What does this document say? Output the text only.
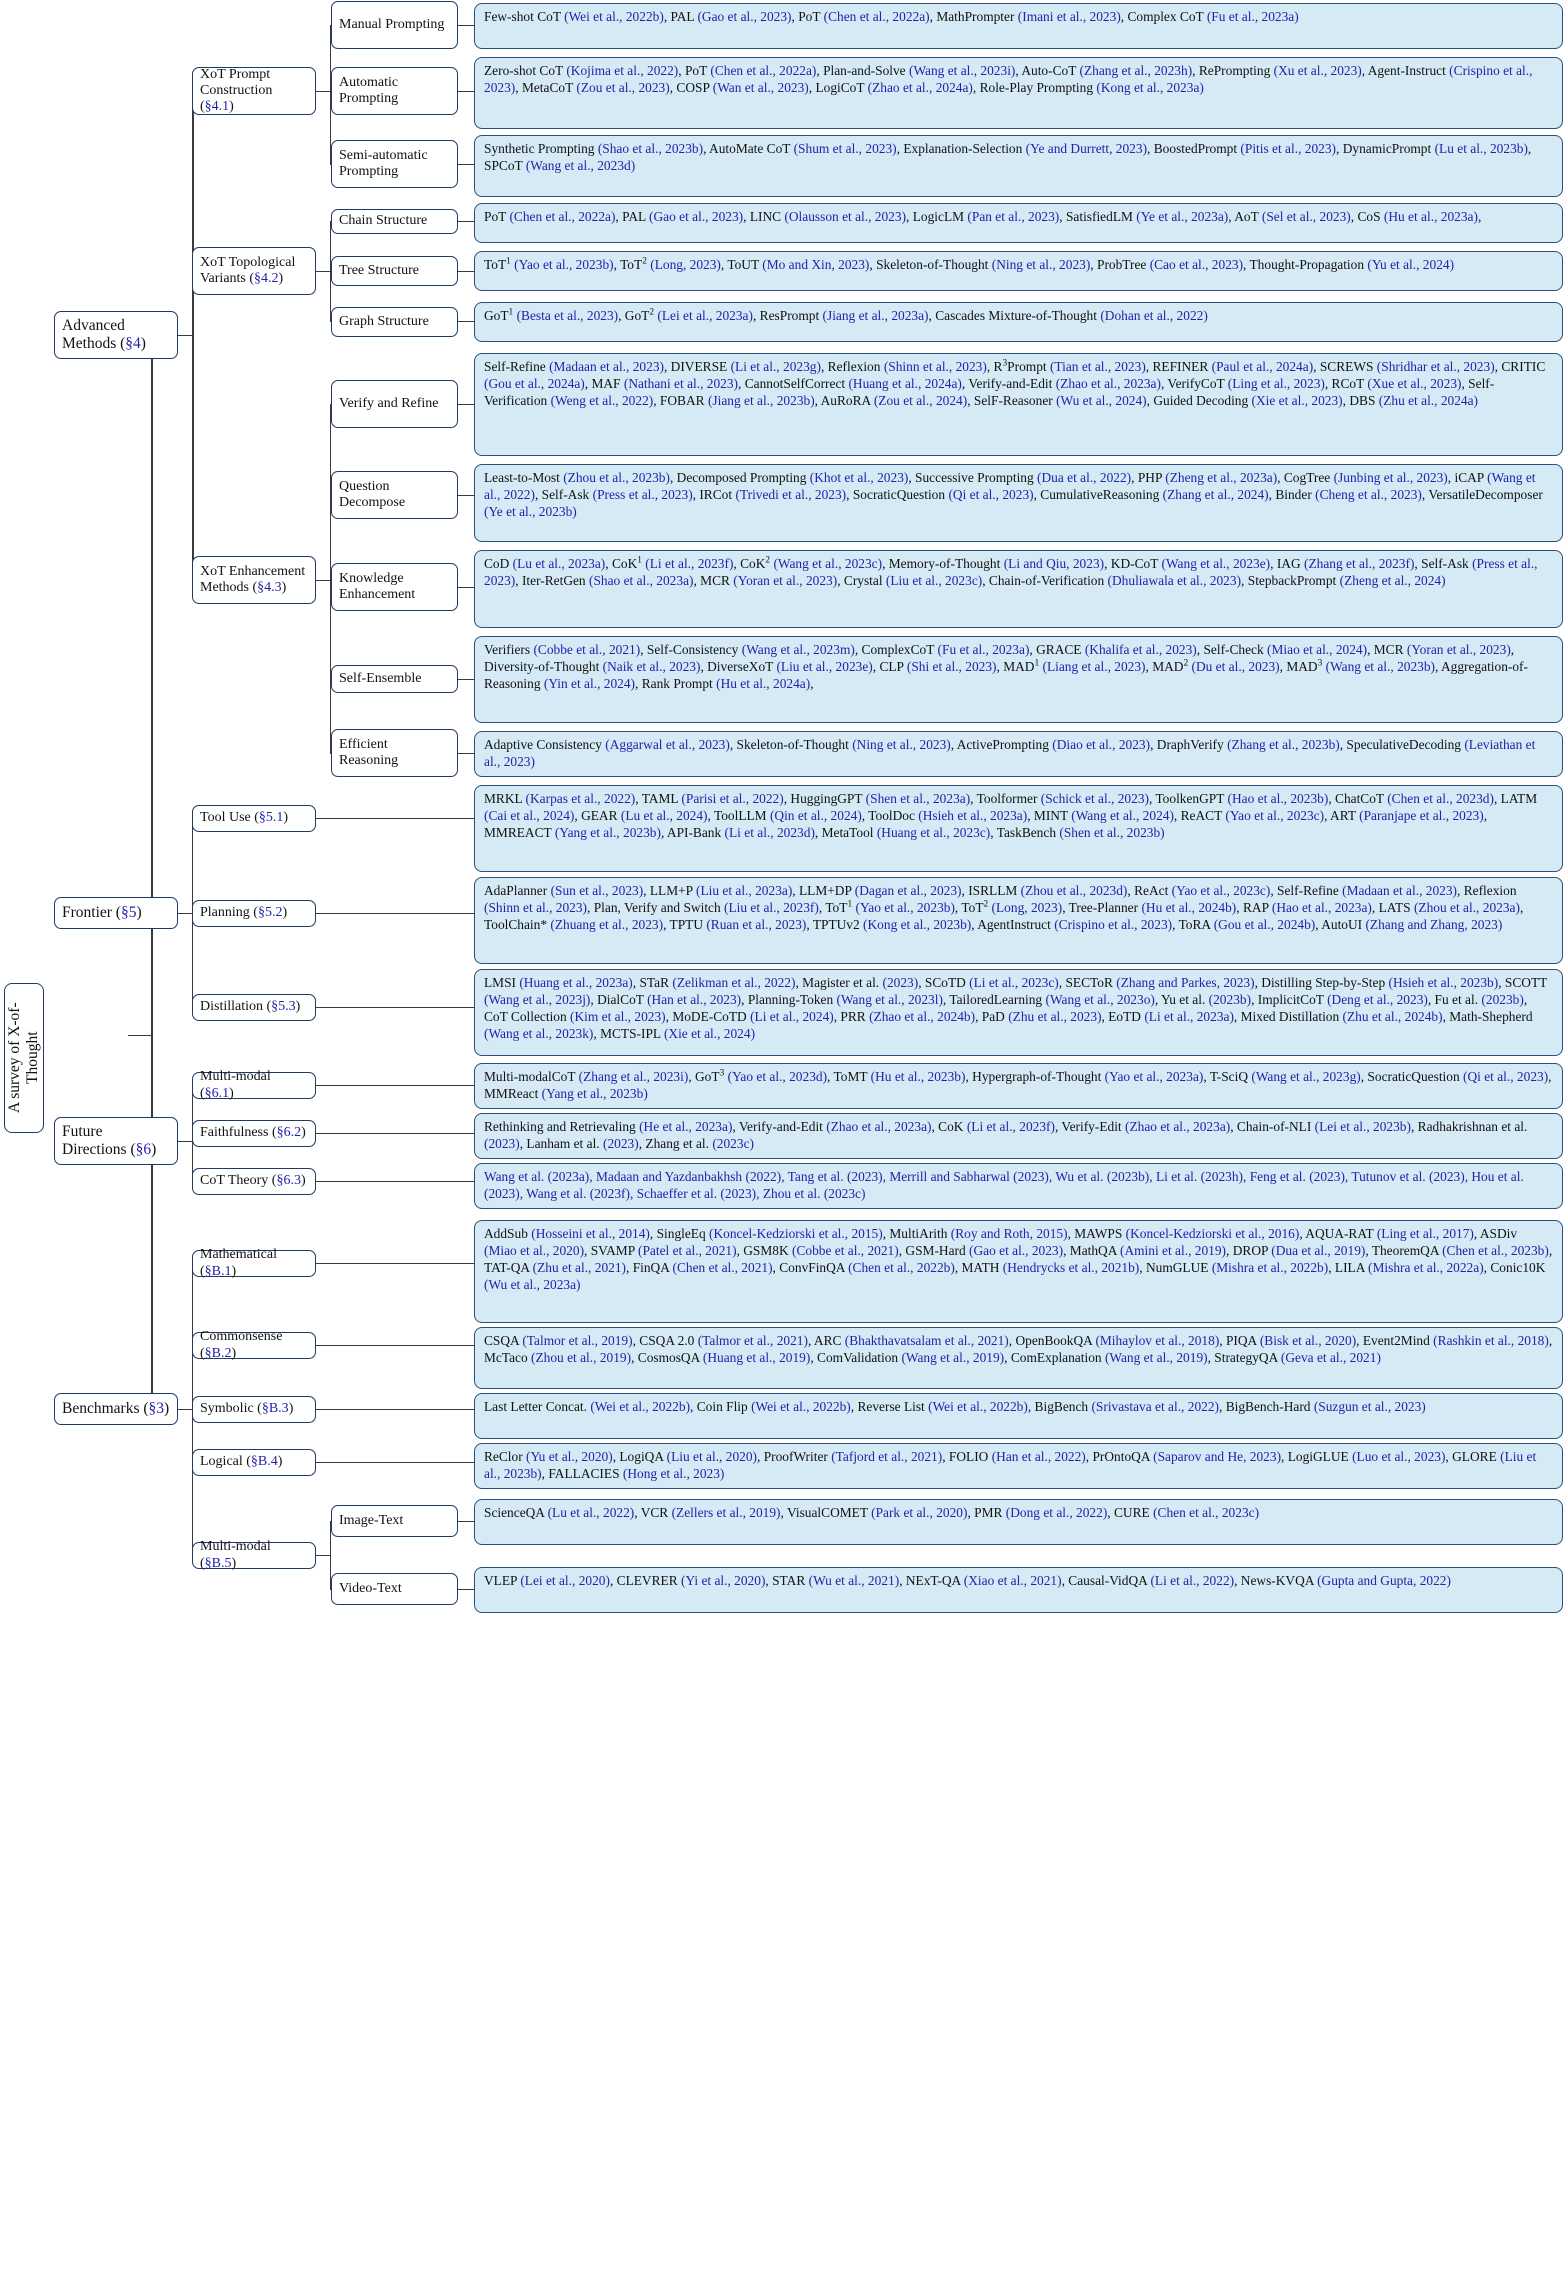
A survey of X-of-Thought
Advanced Methods (§4)
Frontier (§5)
Future Directions (§6)
Benchmarks (§3)
XoT Prompt Construction (§4.1)
XoT Topological Variants (§4.2)
XoT Enhancement Methods (§4.3)
Manual Prompting
Automatic Prompting
Semi-automatic Prompting
Chain Structure
Tree Structure
Graph Structure
Verify and Refine
Question Decompose
Knowledge Enhancement
Self-Ensemble
Efficient Reasoning
Tool Use (§5.1)
Planning (§5.2)
Distillation (§5.3)
Multi-modal (§6.1)
Faithfulness (§6.2)
CoT Theory (§6.3)
Mathematical (§B.1)
Commonsense (§B.2)
Symbolic (§B.3)
Logical (§B.4)
Multi-modal (§B.5)
Image-Text
Video-Text
Few-shot CoT (Wei et al., 2022b), PAL (Gao et al., 2023), PoT (Chen et al., 2022a), MathPrompter (Imani et al., 2023), Complex CoT (Fu et al., 2023a)
Zero-shot CoT (Kojima et al., 2022), PoT (Chen et al., 2022a), Plan-and-Solve (Wang et al., 2023i), Auto-CoT (Zhang et al., 2023h), RePrompting (Xu et al., 2023), Agent-Instruct (Crispino et al., 2023), MetaCoT (Zou et al., 2023), COSP (Wan et al., 2023), LogiCoT (Zhao et al., 2024a), Role-Play Prompting (Kong et al., 2023a)
Synthetic Prompting (Shao et al., 2023b), AutoMate CoT (Shum et al., 2023), Explanation-Selection (Ye and Durrett, 2023), BoostedPrompt (Pitis et al., 2023), DynamicPrompt (Lu et al., 2023b), SPCoT (Wang et al., 2023d)
PoT (Chen et al., 2022a), PAL (Gao et al., 2023), LINC (Olausson et al., 2023), LogicLM (Pan et al., 2023), SatisfiedLM (Ye et al., 2023a), AoT (Sel et al., 2023), CoS (Hu et al., 2023a),
ToT$^1$ (Yao et al., 2023b), ToT$^2$ (Long, 2023), ToUT (Mo and Xin, 2023), Skeleton-of-Thought (Ning et al., 2023), ProbTree (Cao et al., 2023), Thought-Propagation (Yu et al., 2024)
GoT$^1$ (Besta et al., 2023), GoT$^2$ (Lei et al., 2023a), ResPrompt (Jiang et al., 2023a), Cascades Mixture-of-Thought (Dohan et al., 2022)
Self-Refine (Madaan et al., 2023), DIVERSE (Li et al., 2023g), Reflexion (Shinn et al., 2023), $R^3Prompt$ (Tian et al., 2023), REFINER (Paul et al., 2024a), SCREWS (Shridhar et al., 2023), CRITIC (Gou et al., 2024a), MAF (Nathani et al., 2023), CannotSelfCorrect (Huang et al., 2024a), Verify-and-Edit (Zhao et al., 2023a), VerifyCoT (Ling et al., 2023), RCoT (Xue et al., 2023), Self-Verification (Weng et al., 2022), FOBAR (Jiang et al., 2023b), AuRoRA (Zou et al., 2024), SelF-Reasoner (Wu et al., 2024), Guided Decoding (Xie et al., 2023), DBS (Zhu et al., 2024a)
Least-to-Most (Zhou et al., 2023b), Decomposed Prompting (Khot et al., 2023), Successive Prompting (Dua et al., 2022), PHP (Zheng et al., 2023a), CogTree (Junbing et al., 2023), iCAP (Wang et al., 2022), Self-Ask (Press et al., 2023), IRCot (Trivedi et al., 2023), SocraticQuestion (Qi et al., 2023), CumulativeReasoning (Zhang et al., 2024), Binder (Cheng et al., 2023), VersatileDecomposer (Ye et al., 2023b)
CoD (Lu et al., 2023a), CoK$^1$ (Li et al., 2023f), CoK$^2$ (Wang et al., 2023c), Memory-of-Thought (Li and Qiu, 2023), KD-CoT (Wang et al., 2023e), IAG (Zhang et al., 2023f), Self-Ask (Press et al., 2023), Iter-RetGen (Shao et al., 2023a), MCR (Yoran et al., 2023), Crystal (Liu et al., 2023c), Chain-of-Verification (Dhuliawala et al., 2023), StepbackPrompt (Zheng et al., 2024)
Verifiers (Cobbe et al., 2021), Self-Consistency (Wang et al., 2023m), ComplexCoT (Fu et al., 2023a), GRACE (Khalifa et al., 2023), Self-Check (Miao et al., 2024), MCR (Yoran et al., 2023), Diversity-of-Thought (Naik et al., 2023), DiverseXoT (Liu et al., 2023e), CLP (Shi et al., 2023), MAD$^1$ (Liang et al., 2023), MAD$^2$ (Du et al., 2023), MAD$^3$ (Wang et al., 2023b), Aggregation-of-Reasoning (Yin et al., 2024), Rank Prompt (Hu et al., 2024a),
Adaptive Consistency (Aggarwal et al., 2023), Skeleton-of-Thought (Ning et al., 2023), ActivePrompting (Diao et al., 2023), DraphVerify (Zhang et al., 2023b), SpeculativeDecoding (Leviathan et al., 2023)
MRKL (Karpas et al., 2022), TAML (Parisi et al., 2022), HuggingGPT (Shen et al., 2023a), Toolformer (Schick et al., 2023), ToolkenGPT (Hao et al., 2023b), ChatCoT (Chen et al., 2023d), LATM (Cai et al., 2024), GEAR (Lu et al., 2024), ToolLLM (Qin et al., 2024), ToolDoc (Hsieh et al., 2023a), MINT (Wang et al., 2024), ReACT (Yao et al., 2023c), ART (Paranjape et al., 2023), MMREACT (Yang et al., 2023b), API-Bank (Li et al., 2023d), MetaTool (Huang et al., 2023c), TaskBench (Shen et al., 2023b)
AdaPlanner (Sun et al., 2023), LLM+P (Liu et al., 2023a), LLM+DP (Dagan et al., 2023), ISRLLM (Zhou et al., 2023d), ReAct (Yao et al., 2023c), Self-Refine (Madaan et al., 2023), Reflexion (Shinn et al., 2023), Plan, Verify and Switch (Liu et al., 2023f), ToT$^1$ (Yao et al., 2023b), ToT$^2$ (Long, 2023), Tree-Planner (Hu et al., 2024b), RAP (Hao et al., 2023a), LATS (Zhou et al., 2023a), ToolChain* (Zhuang et al., 2023), TPTU (Ruan et al., 2023), TPTUv2 (Kong et al., 2023b), AgentInstruct (Crispino et al., 2023), ToRA (Gou et al., 2024b), AutoUI (Zhang and Zhang, 2023)
LMSI (Huang et al., 2023a), STaR (Zelikman et al., 2022), Magister et al. (2023), SCoTD (Li et al., 2023c), SECToR (Zhang and Parkes, 2023), Distilling Step-by-Step (Hsieh et al., 2023b), SCOTT (Wang et al., 2023j), DialCoT (Han et al., 2023), Planning-Token (Wang et al., 2023l), TailoredLearning (Wang et al., 2023o), Yu et al. (2023b), ImplicitCoT (Deng et al., 2023), Fu et al. (2023b), CoT Collection (Kim et al., 2023), MoDE-CoTD (Li et al., 2024), PRR (Zhao et al., 2024b), PaD (Zhu et al., 2023), EoTD (Li et al., 2023a), Mixed Distillation (Zhu et al., 2024b), Math-Shepherd (Wang et al., 2023k), MCTS-IPL (Xie et al., 2024)
Multi-modalCoT (Zhang et al., 2023i), GoT$^3$ (Yao et al., 2023d), ToMT (Hu et al., 2023b), Hypergraph-of-Thought (Yao et al., 2023a), T-SciQ (Wang et al., 2023g), SocraticQuestion (Qi et al., 2023), MMReact (Yang et al., 2023b)
Rethinking and Retrievaling (He et al., 2023a), Verify-and-Edit (Zhao et al., 2023a), CoK (Li et al., 2023f), Verify-Edit (Zhao et al., 2023a), Chain-of-NLI (Lei et al., 2023b), Radhakrishnan et al. (2023), Lanham et al. (2023), Zhang et al. (2023c)
Wang et al. (2023a), Madaan and Yazdanbakhsh (2022), Tang et al. (2023), Merrill and Sabharwal (2023), Wu et al. (2023b), Li et al. (2023h), Feng et al. (2023), Tutunov et al. (2023), Hou et al. (2023), Wang et al. (2023f), Schaeffer et al. (2023), Zhou et al. (2023c)
AddSub (Hosseini et al., 2014), SingleEq (Koncel-Kedziorski et al., 2015), MultiArith (Roy and Roth, 2015), MAWPS (Koncel-Kedziorski et al., 2016), AQUA-RAT (Ling et al., 2017), ASDiv (Miao et al., 2020), SVAMP (Patel et al., 2021), GSM8K (Cobbe et al., 2021), GSM-Hard (Gao et al., 2023), MathQA (Amini et al., 2019), DROP (Dua et al., 2019), TheoremQA (Chen et al., 2023b), TAT-QA (Zhu et al., 2021), FinQA (Chen et al., 2021), ConvFinQA (Chen et al., 2022b), MATH (Hendrycks et al., 2021b), NumGLUE (Mishra et al., 2022b), LILA (Mishra et al., 2022a), Conic10K (Wu et al., 2023a)
CSQA (Talmor et al., 2019), CSQA 2.0 (Talmor et al., 2021), ARC (Bhakthavatsalam et al., 2021), OpenBookQA (Mihaylov et al., 2018), PIQA (Bisk et al., 2020), Event2Mind (Rashkin et al., 2018), McTaco (Zhou et al., 2019), CosmosQA (Huang et al., 2019), ComValidation (Wang et al., 2019), ComExplanation (Wang et al., 2019), StrategyQA (Geva et al., 2021)
Last Letter Concat. (Wei et al., 2022b), Coin Flip (Wei et al., 2022b), Reverse List (Wei et al., 2022b), BigBench (Srivastava et al., 2022), BigBench-Hard (Suzgun et al., 2023)
ReClor (Yu et al., 2020), LogiQA (Liu et al., 2020), ProofWriter (Tafjord et al., 2021), FOLIO (Han et al., 2022), PrOntoQA (Saparov and He, 2023), LogiGLUE (Luo et al., 2023), GLORE (Liu et al., 2023b), FALLACIES (Hong et al., 2023)
ScienceQA (Lu et al., 2022), VCR (Zellers et al., 2019), VisualCOMET (Park et al., 2020), PMR (Dong et al., 2022), CURE (Chen et al., 2023c)
VLEP (Lei et al., 2020), CLEVRER (Yi et al., 2020), STAR (Wu et al., 2021), NExT-QA (Xiao et al., 2021), Causal-VidQA (Li et al., 2022), News-KVQA (Gupta and Gupta, 2022)
